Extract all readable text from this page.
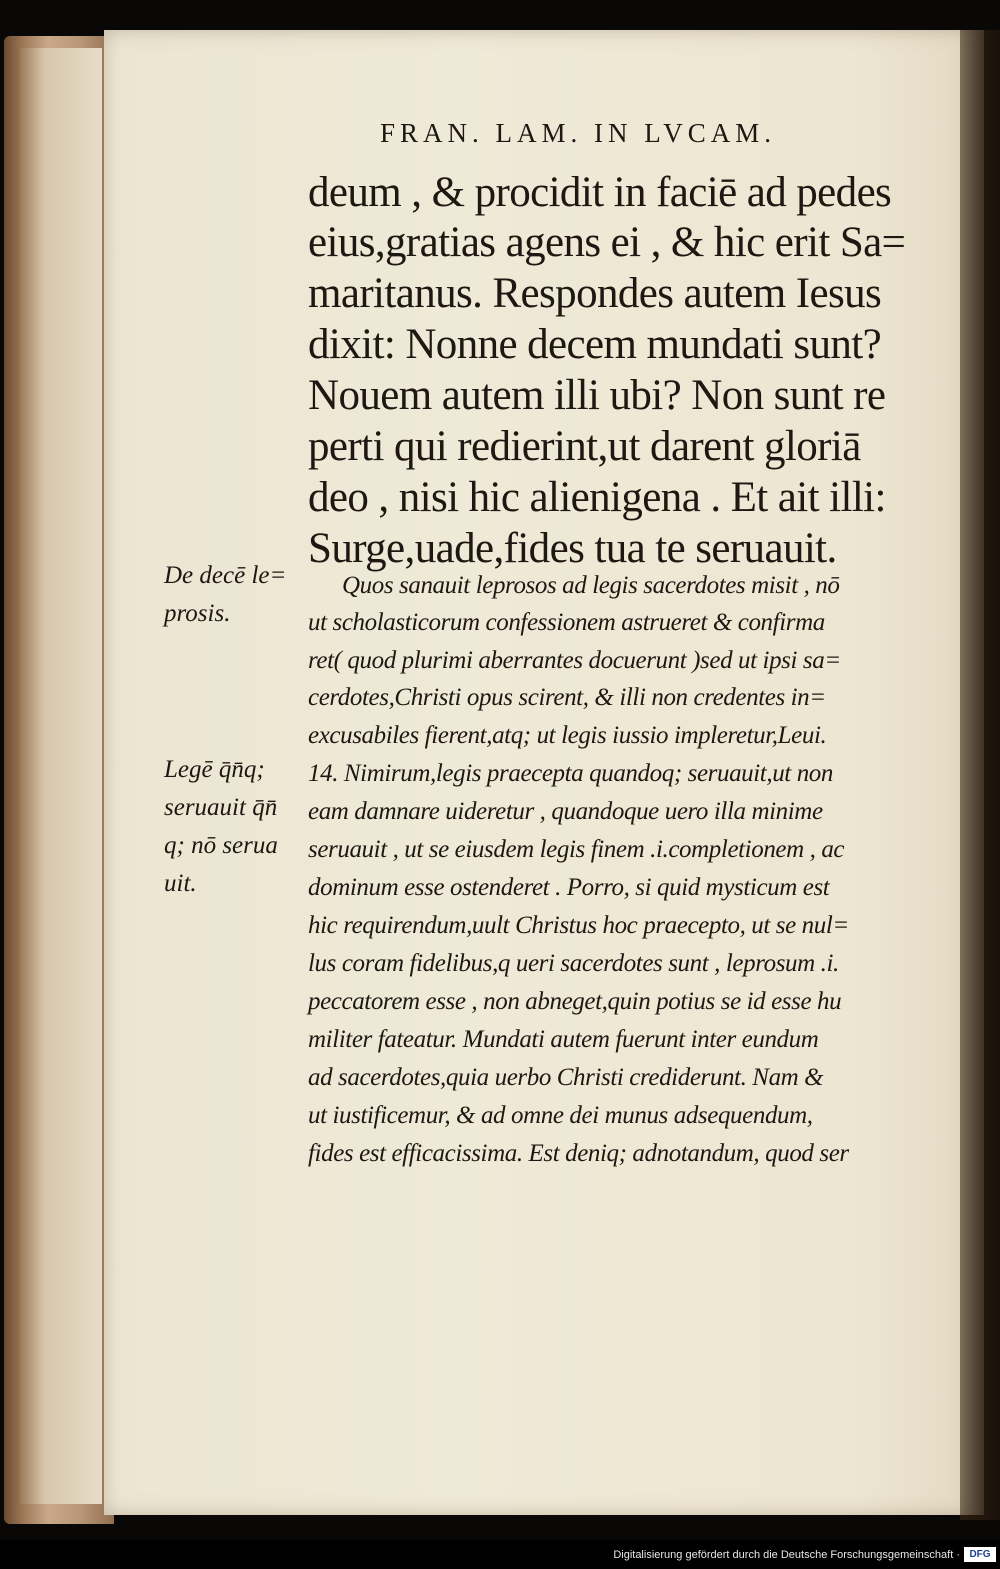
FRAN. LAM. IN LVCAM.
deum , & procidit in faciē ad pedes
eius,gratias agens ei , & hic erit Sa=
maritanus. Respondes autem Iesus
dixit: Nonne decem mundati sunt?
Nouem autem illi ubi? Non sunt re
perti qui redierint,ut darent gloriā
deo , nisi hic alienigena . Et ait illi:
Surge,uade,fides tua te seruauit.
Quos sanauit leprosos ad legis sacerdotes misit , nō
ut scholasticorum confessionem astrueret & confirma
ret( quod plurimi aberrantes docuerunt )sed ut ipsi sa=
cerdotes,Christi opus scirent, & illi non credentes in=
excusabiles fierent,atq; ut legis iussio impleretur,Leui.
14. Nimirum,legis praecepta quandoq; seruauit,ut non
eam damnare uideretur , quandoque uero illa minime
seruauit , ut se eiusdem legis finem .i.completionem , ac
dominum esse ostenderet . Porro, si quid mysticum est
hic requirendum,uult Christus hoc praecepto, ut se nul=
lus coram fidelibus,q ueri sacerdotes sunt , leprosum .i.
peccatorem esse , non abneget,quin potius se id esse hu
militer fateatur. Mundati autem fuerunt inter eundum
ad sacerdotes,quia uerbo Christi crediderunt. Nam &
ut iustificemur, & ad omne dei munus adsequendum,
fides est efficacissima. Est deniq; adnotandum, quod ser
De decē le=
prosis.
Legē q̄n̄q;
seruauit q̄n̄
q; nō serua
uit.
Digitalisierung gefördert durch die Deutsche Forschungsgemeinschaft · DFG
